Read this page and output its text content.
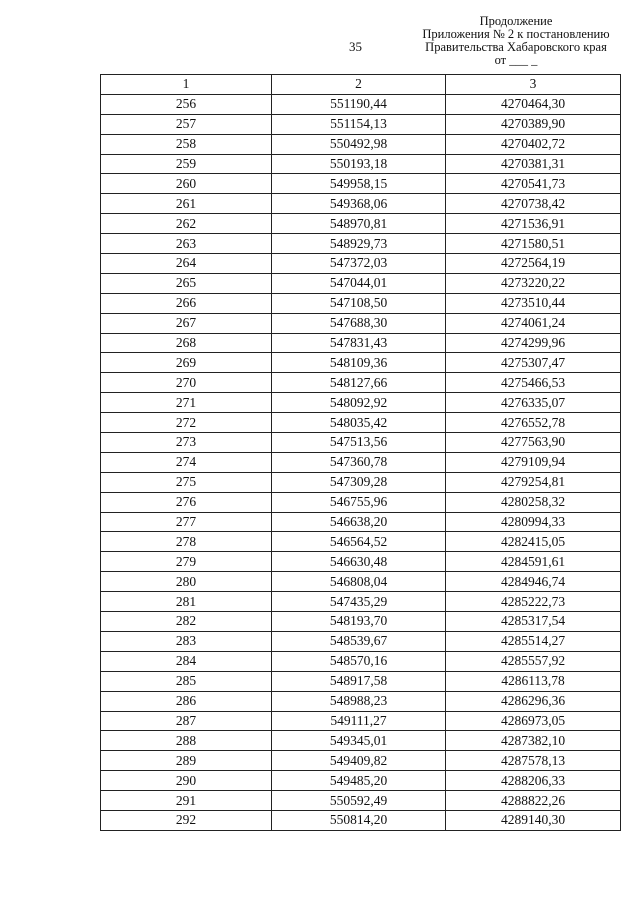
35
Продолжение
Приложения № 2 к постановлению
Правительства Хабаровского края
от ___ _
1	2	3
256	551190,44	4270464,30
257	551154,13	4270389,90
258	550492,98	4270402,72
259	550193,18	4270381,31
260	549958,15	4270541,73
261	549368,06	4270738,42
262	548970,81	4271536,91
263	548929,73	4271580,51
264	547372,03	4272564,19
265	547044,01	4273220,22
266	547108,50	4273510,44
267	547688,30	4274061,24
268	547831,43	4274299,96
269	548109,36	4275307,47
270	548127,66	4275466,53
271	548092,92	4276335,07
272	548035,42	4276552,78
273	547513,56	4277563,90
274	547360,78	4279109,94
275	547309,28	4279254,81
276	546755,96	4280258,32
277	546638,20	4280994,33
278	546564,52	4282415,05
279	546630,48	4284591,61
280	546808,04	4284946,74
281	547435,29	4285222,73
282	548193,70	4285317,54
283	548539,67	4285514,27
284	548570,16	4285557,92
285	548917,58	4286113,78
286	548988,23	4286296,36
287	549111,27	4286973,05
288	549345,01	4287382,10
289	549409,82	4287578,13
290	549485,20	4288206,33
291	550592,49	4288822,26
292	550814,20	4289140,30
